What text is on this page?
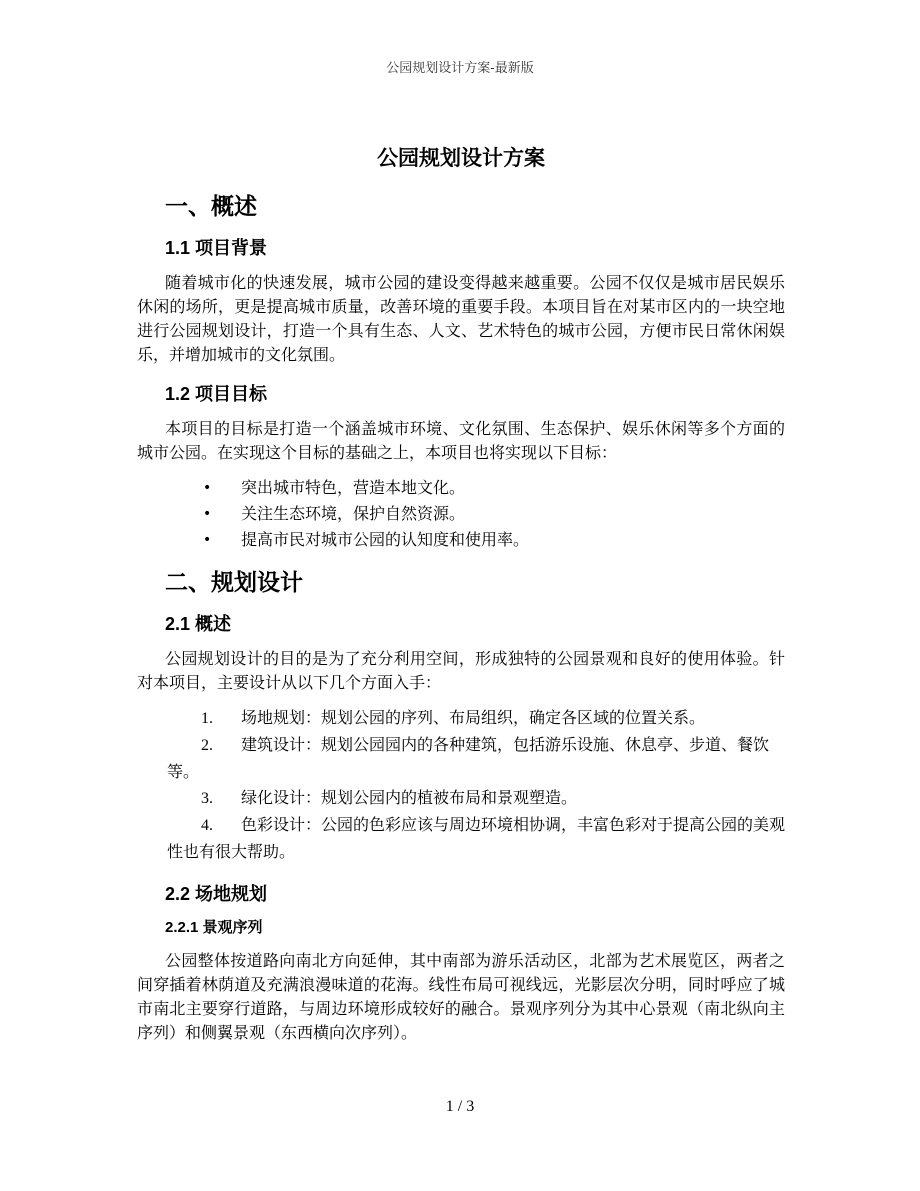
公园规划设计方案-最新版
公园规划设计方案
一、概述
1.1 项目背景

随着城市化的快速发展，城市公园的建设变得越来越重要。公园不仅仅是城市居民娱乐休闲的场所，更是提高城市质量，改善环境的重要手段。本项目旨在对某市区内的一块空地进行公园规划设计，打造一个具有生态、人文、艺术特色的城市公园，方便市民日常休闲娱乐，并增加城市的文化氛围。

1.2 项目目标

本项目的目标是打造一个涵盖城市环境、文化氛围、生态保护、娱乐休闲等多个方面的城市公园。在实现这个目标的基础之上，本项目也将实现以下目标：

• 突出城市特色，营造本地文化。
• 关注生态环境，保护自然资源。
• 提高市民对城市公园的认知度和使用率。
二、规划设计
2.1 概述

公园规划设计的目的是为了充分利用空间，形成独特的公园景观和良好的使用体验。针对本项目，主要设计从以下几个方面入手：

1. 场地规划：规划公园的序列、布局组织，确定各区域的位置关系。
2. 建筑设计：规划公园园内的各种建筑，包括游乐设施、休息亭、步道、餐饮等。
3. 绿化设计：规划公园内的植被布局和景观塑造。
4. 色彩设计：公园的色彩应该与周边环境相协调，丰富色彩对于提高公园的美观性也有很大帮助。
2.2 场地规划
2.2.1 景观序列

公园整体按道路向南北方向延伸，其中南部为游乐活动区，北部为艺术展览区，两者之间穿插着林荫道及充满浪漫味道的花海。线性布局可视线远，光影层次分明，同时呼应了城市南北主要穿行道路，与周边环境形成较好的融合。景观序列分为其中心景观（南北纵向主序列）和侧翼景观（东西横向次序列）。

1 / 3
